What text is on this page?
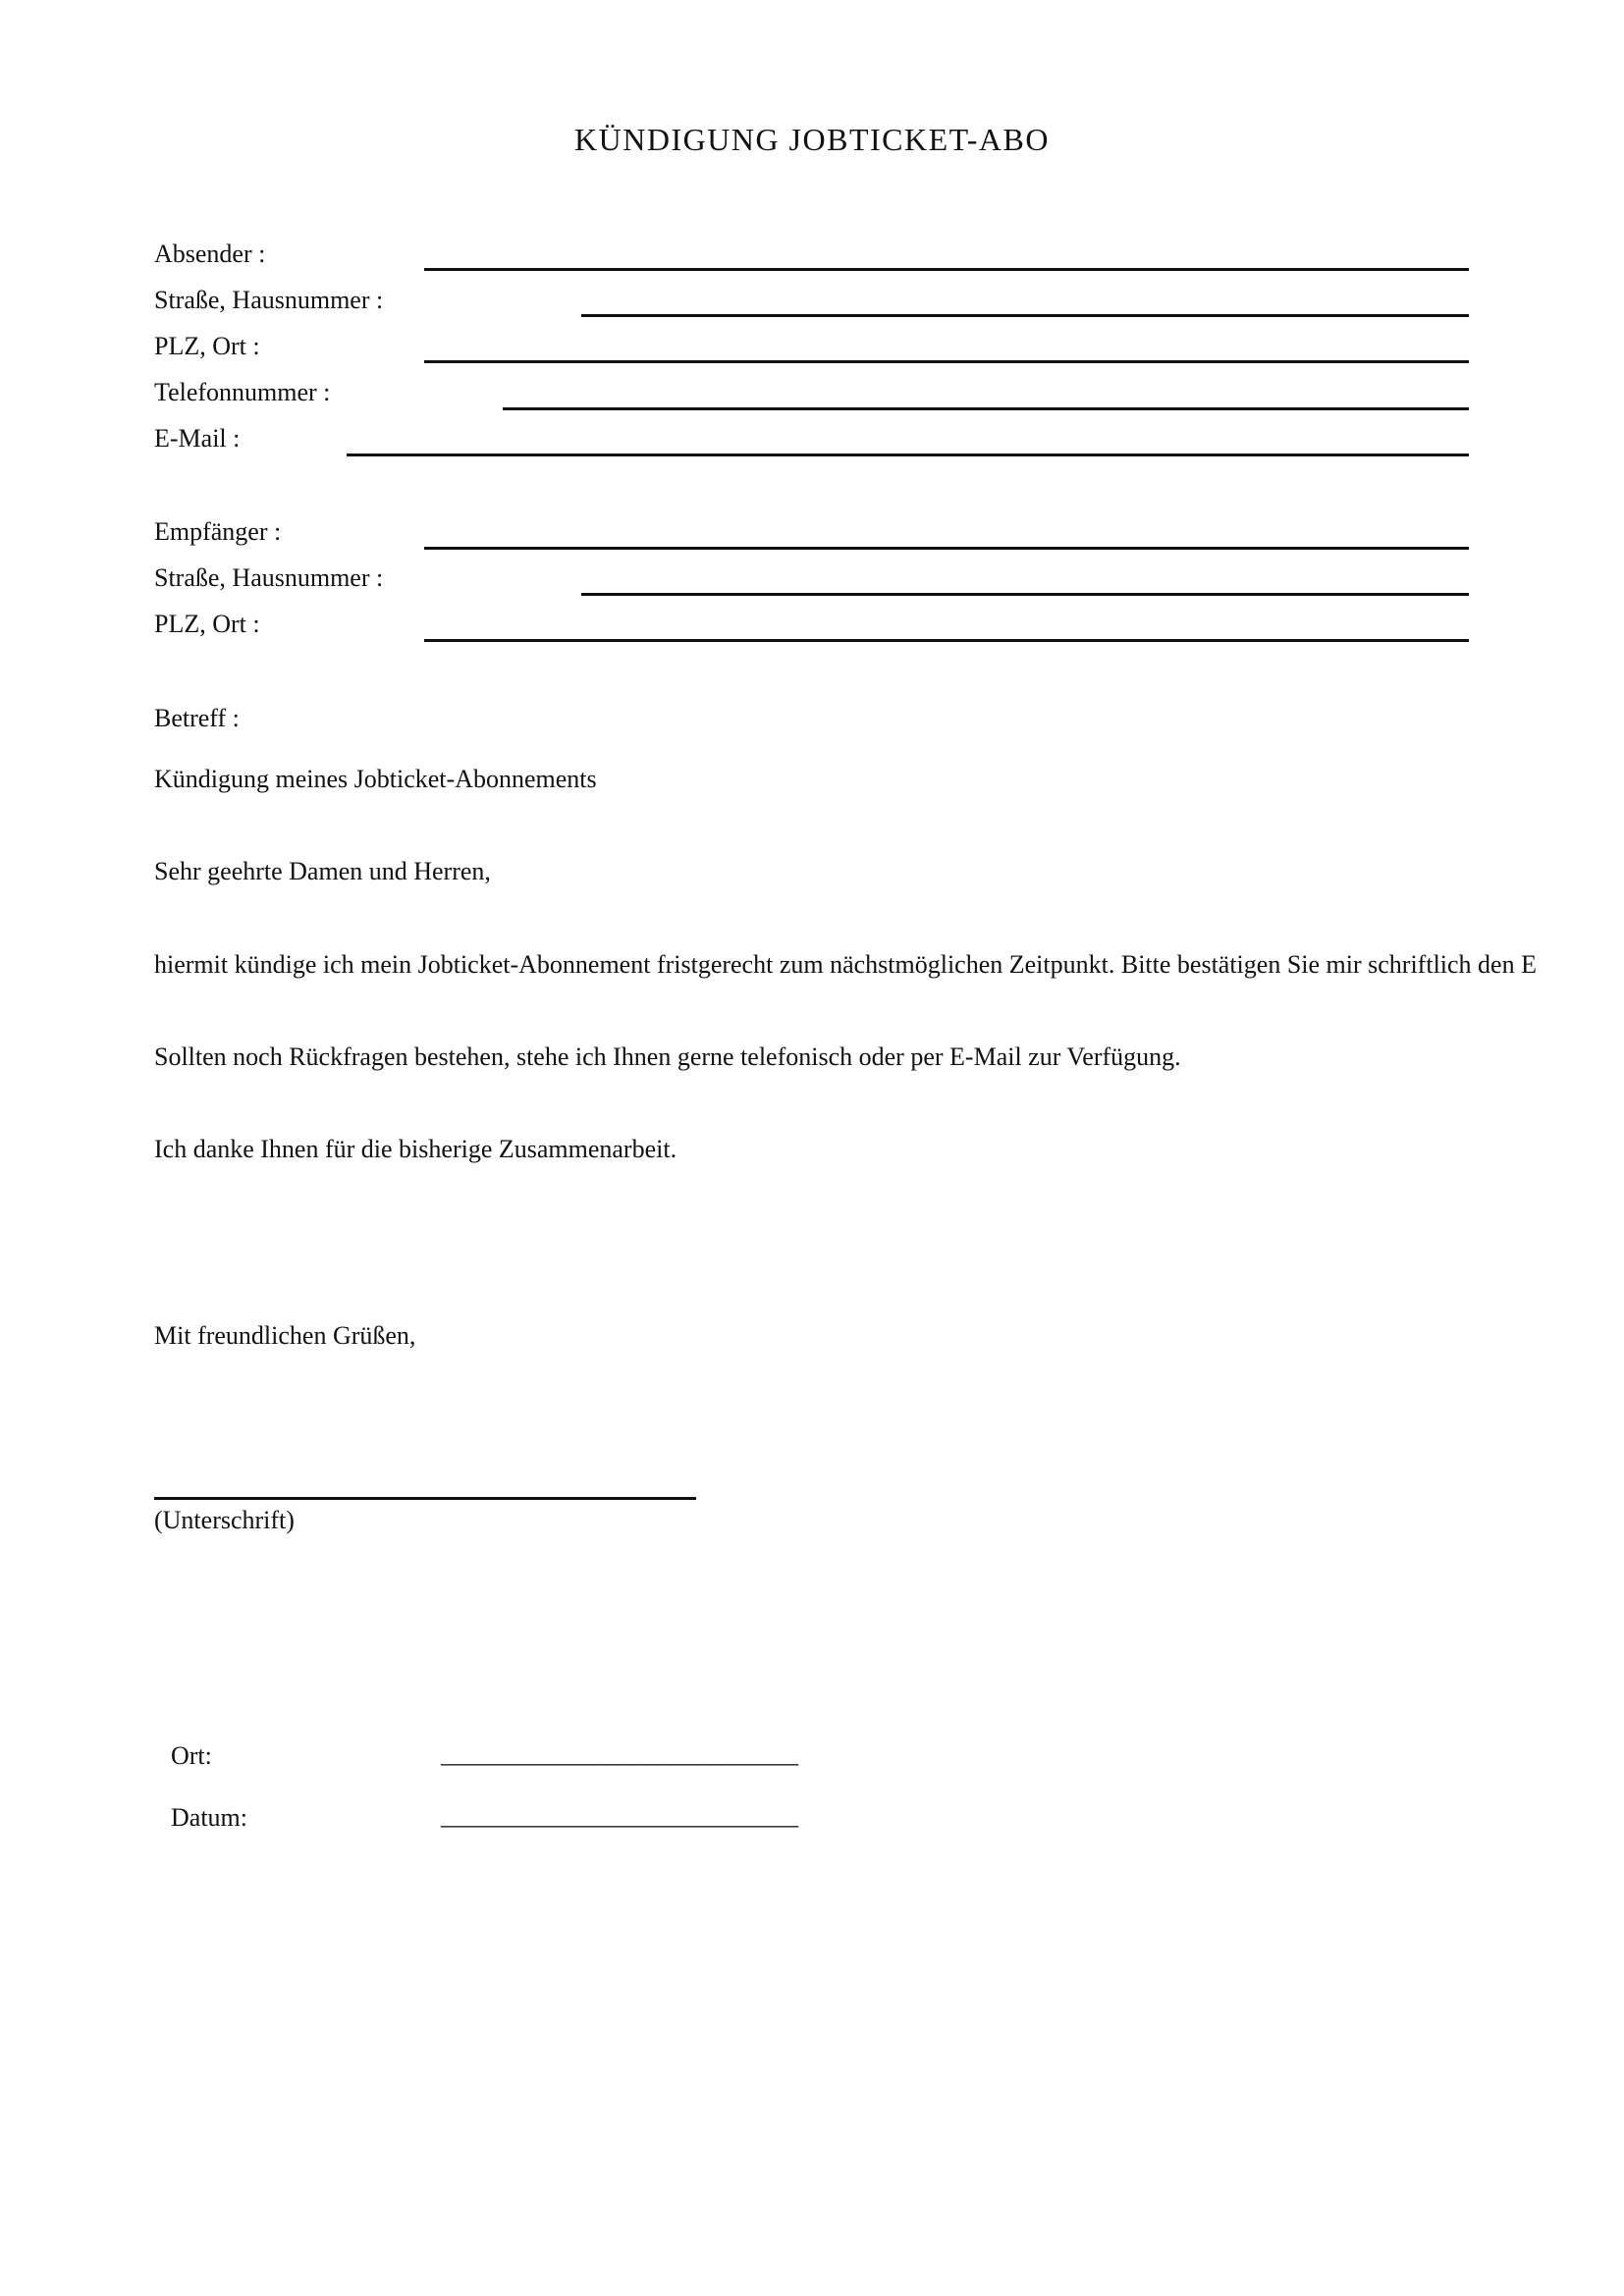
KÜNDIGUNG JOBTICKET-ABO
Absender :
Straße, Hausnummer :
PLZ, Ort :
Telefonnummer :
E-Mail :
Empfänger :
Straße, Hausnummer :
PLZ, Ort :
Betreff :
Kündigung meines Jobticket-Abonnements
Sehr geehrte Damen und Herren,
hiermit kündige ich mein Jobticket-Abonnement fristgerecht zum nächstmöglichen Zeitpunkt. Bitte bestätigen Sie mir schriftlich den E
Sollten noch Rückfragen bestehen, stehe ich Ihnen gerne telefonisch oder per E-Mail zur Verfügung.
Ich danke Ihnen für die bisherige Zusammenarbeit.
Mit freundlichen Grüßen,
(Unterschrift)
Ort:	____________________________
Datum:	____________________________
